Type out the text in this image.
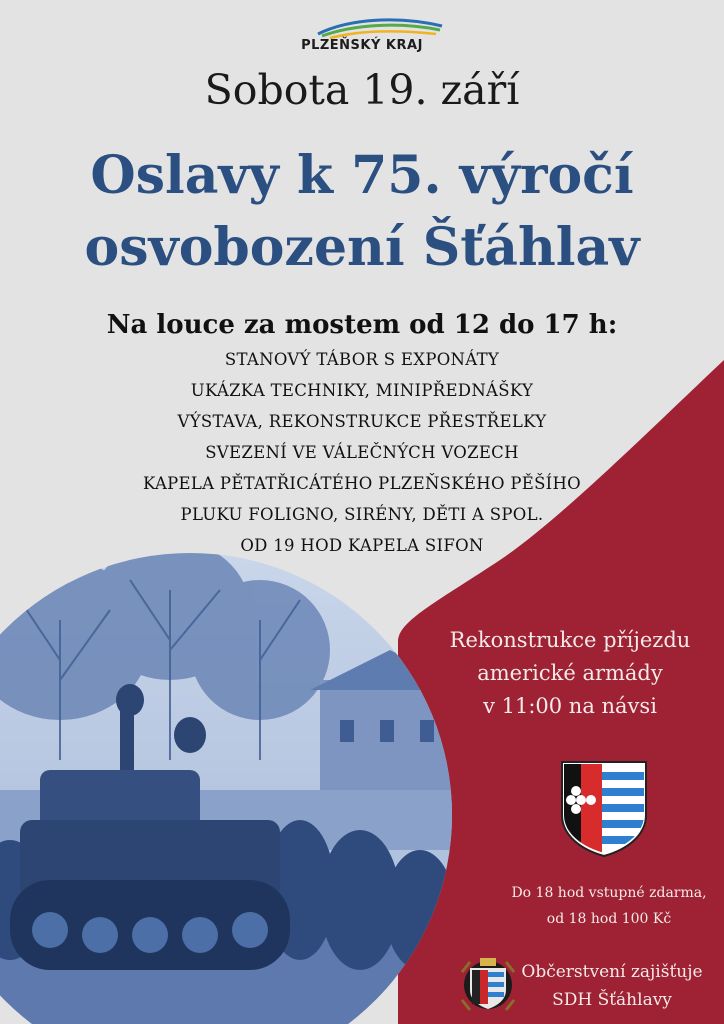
PLZEŇSKÝ KRAJ
Sobota 19. září
Oslavy k 75. výročí
osvobození Šťáhlav
Na louce za mostem od 12 do 17 h:
STANOVÝ TÁBOR S EXPONÁTY
UKÁZKA TECHNIKY, MINIPŘEDNÁŠKY
VÝSTAVA, REKONSTRUKCE PŘESTŘELKY
SVEZENÍ VE VÁLEČNÝCH VOZECH
KAPELA PĚTATŘICÁTÉHO PLZEŇSKÉHO PĚŠÍHO
PLUKU FOLIGNO, SIRÉNY, DĚTI A SPOL.
OD 19 HOD KAPELA SIFON
Rekonstrukce příjezdu
americké armády
v 11:00 na návsi
Do 18 hod vstupné zdarma,
od 18 hod 100 Kč
Občerstvení zajišťuje
SDH Šťáhlavy
